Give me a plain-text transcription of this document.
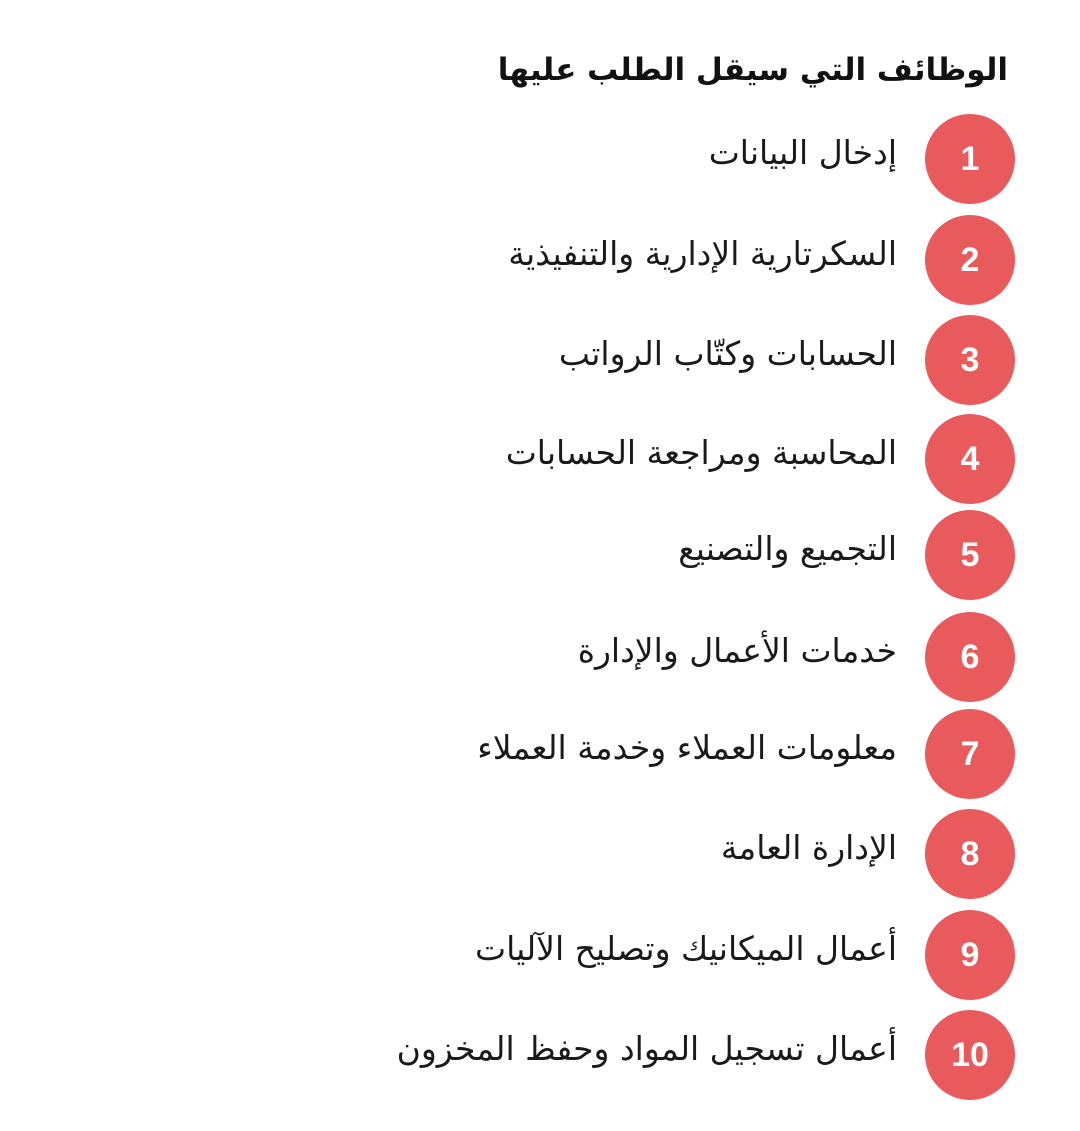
الوظائف التي سيقل الطلب عليها
1
إدخال البيانات
2
السكرتارية الإدارية والتنفيذية
3
الحسابات وكتّاب الرواتب
4
المحاسبة ومراجعة الحسابات
5
التجميع والتصنيع
6
خدمات الأعمال والإدارة
7
معلومات العملاء وخدمة العملاء
8
الإدارة العامة
9
أعمال الميكانيك وتصليح الآليات
10
أعمال تسجيل المواد وحفظ المخزون
